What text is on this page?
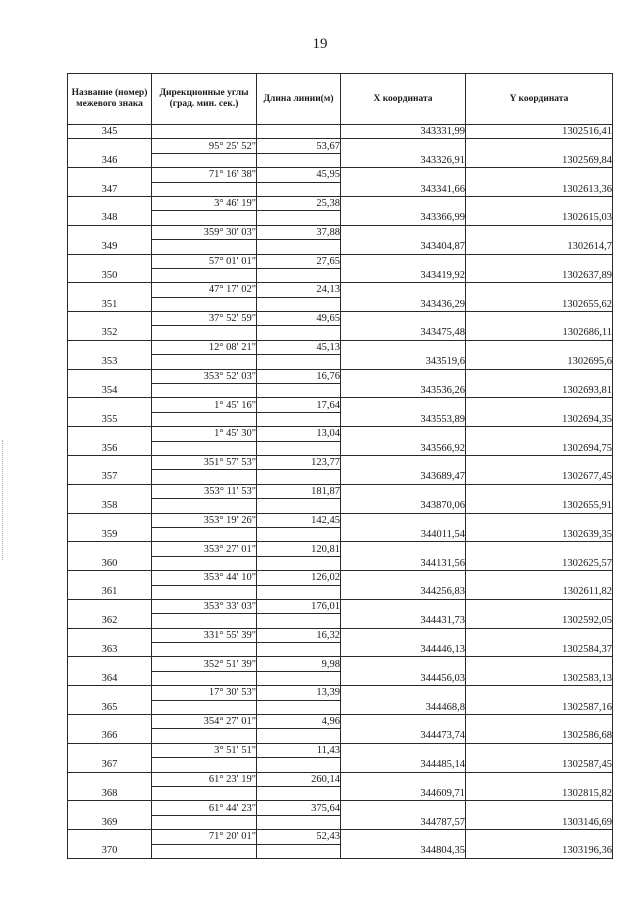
19
Название (номер) межевого знака	Дирекционные углы (град. мин. сек.)	Длина линии(м)	X координата	Y координата
345			343331,99	1302516,41
	95° 25' 52"	53,67		
346			343326,91	1302569,84
	71° 16' 38"	45,95		
347			343341,66	1302613,36
	3° 46' 19"	25,38		
348			343366,99	1302615,03
	359° 30' 03"	37,88		
349			343404,87	1302614,7
	57° 01' 01"	27,65		
350			343419,92	1302637,89
	47° 17' 02"	24,13		
351			343436,29	1302655,62
	37° 52' 59"	49,65		
352			343475,48	1302686,11
	12° 08' 21"	45,13		
353			343519,6	1302695,6
	353° 52' 03"	16,76		
354			343536,26	1302693,81
	1° 45' 16"	17,64		
355			343553,89	1302694,35
	1° 45' 30"	13,04		
356			343566,92	1302694,75
	351° 57' 53"	123,77		
357			343689,47	1302677,45
	353° 11' 53"	181,87		
358			343870,06	1302655,91
	353° 19' 26"	142,45		
359			344011,54	1302639,35
	353° 27' 01"	120,81		
360			344131,56	1302625,57
	353° 44' 10"	126,02		
361			344256,83	1302611,82
	353° 33' 03"	176,01		
362			344431,73	1302592,05
	331° 55' 39"	16,32		
363			344446,13	1302584,37
	352° 51' 39"	9,98		
364			344456,03	1302583,13
	17° 30' 53"	13,39		
365			344468,8	1302587,16
	354° 27' 01"	4,96		
366			344473,74	1302586,68
	3° 51' 51"	11,43		
367			344485,14	1302587,45
	61° 23' 19"	260,14		
368			344609,71	1302815,82
	61° 44' 23"	375,64		
369			344787,57	1303146,69
	71° 20' 01"	52,43		
370			344804,35	1303196,36
